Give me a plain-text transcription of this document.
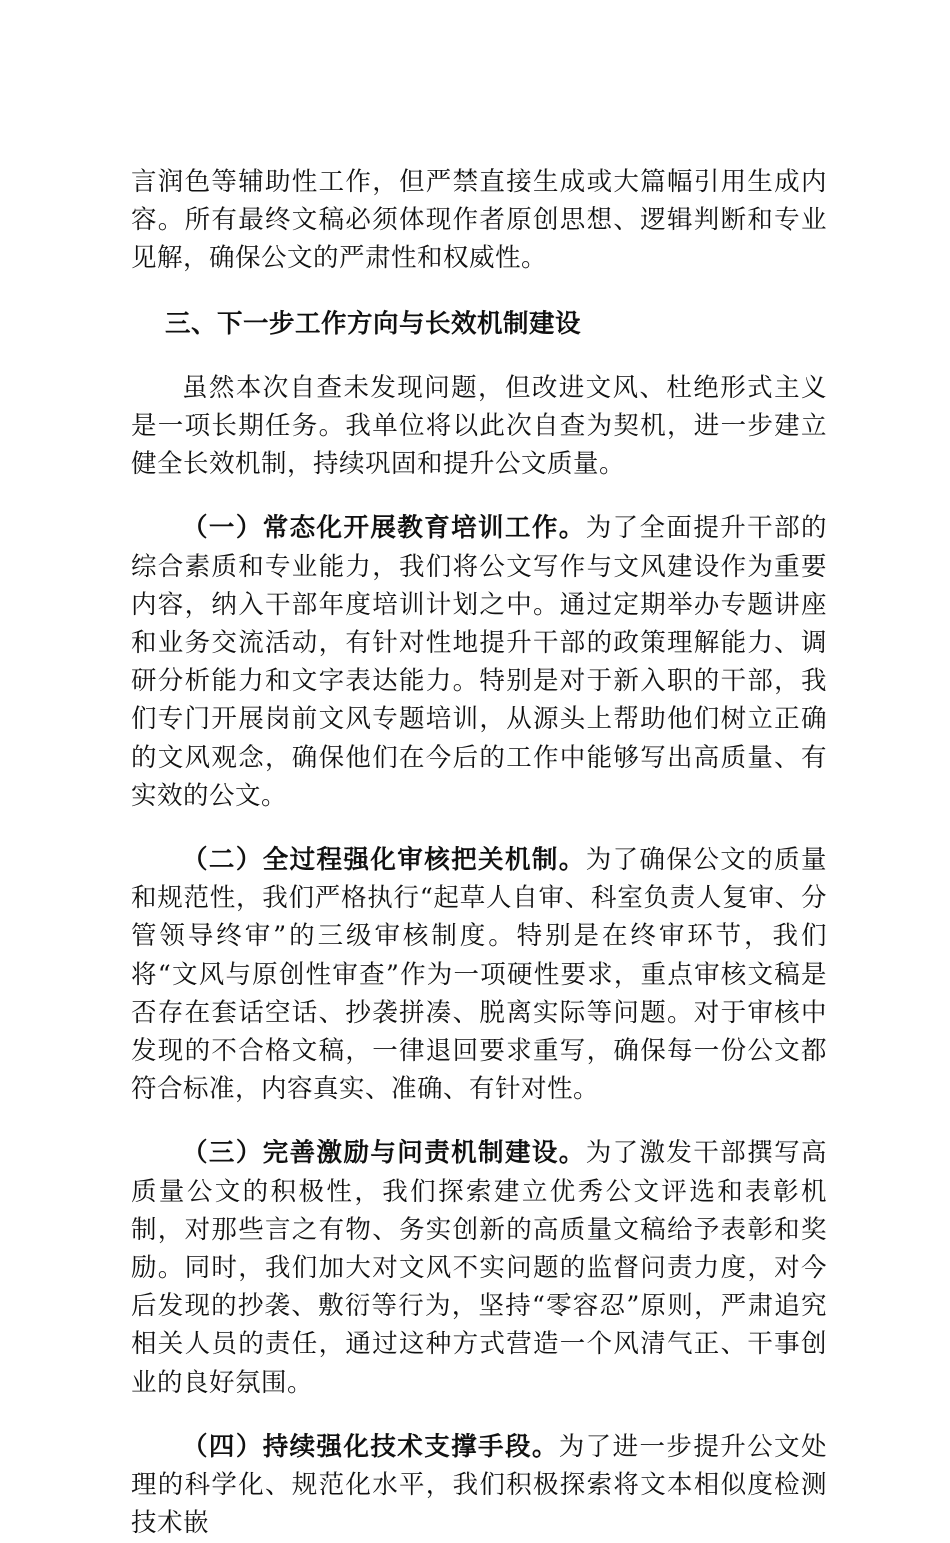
言润色等辅助性工作，但严禁直接生成或大篇幅引用生成内容。所有最终文稿必须体现作者原创思想、逻辑判断和专业见解，确保公文的严肃性和权威性。

三、下一步工作方向与长效机制建设

虽然本次自查未发现问题，但改进文风、杜绝形式主义是一项长期任务。我单位将以此次自查为契机，进一步建立健全长效机制，持续巩固和提升公文质量。

（一）常态化开展教育培训工作。为了全面提升干部的综合素质和专业能力，我们将公文写作与文风建设作为重要内容，纳入干部年度培训计划之中。通过定期举办专题讲座和业务交流活动，有针对性地提升干部的政策理解能力、调研分析能力和文字表达能力。特别是对于新入职的干部，我们专门开展岗前文风专题培训，从源头上帮助他们树立正确的文风观念，确保他们在今后的工作中能够写出高质量、有实效的公文。

（二）全过程强化审核把关机制。为了确保公文的质量和规范性，我们严格执行“起草人自审、科室负责人复审、分管领导终审”的三级审核制度。特别是在终审环节，我们将“文风与原创性审查”作为一项硬性要求，重点审核文稿是否存在套话空话、抄袭拼凑、脱离实际等问题。对于审核中发现的不合格文稿，一律退回要求重写，确保每一份公文都符合标准，内容真实、准确、有针对性。

（三）完善激励与问责机制建设。为了激发干部撰写高质量公文的积极性，我们探索建立优秀公文评选和表彰机制，对那些言之有物、务实创新的高质量文稿给予表彰和奖励。同时，我们加大对文风不实问题的监督问责力度，对今后发现的抄袭、敷衍等行为，坚持“零容忍”原则，严肃追究相关人员的责任，通过这种方式营造一个风清气正、干事创业的良好氛围。

（四）持续强化技术支撑手段。为了进一步提升公文处理的科学化、规范化水平，我们积极探索将文本相似度检测技术嵌
